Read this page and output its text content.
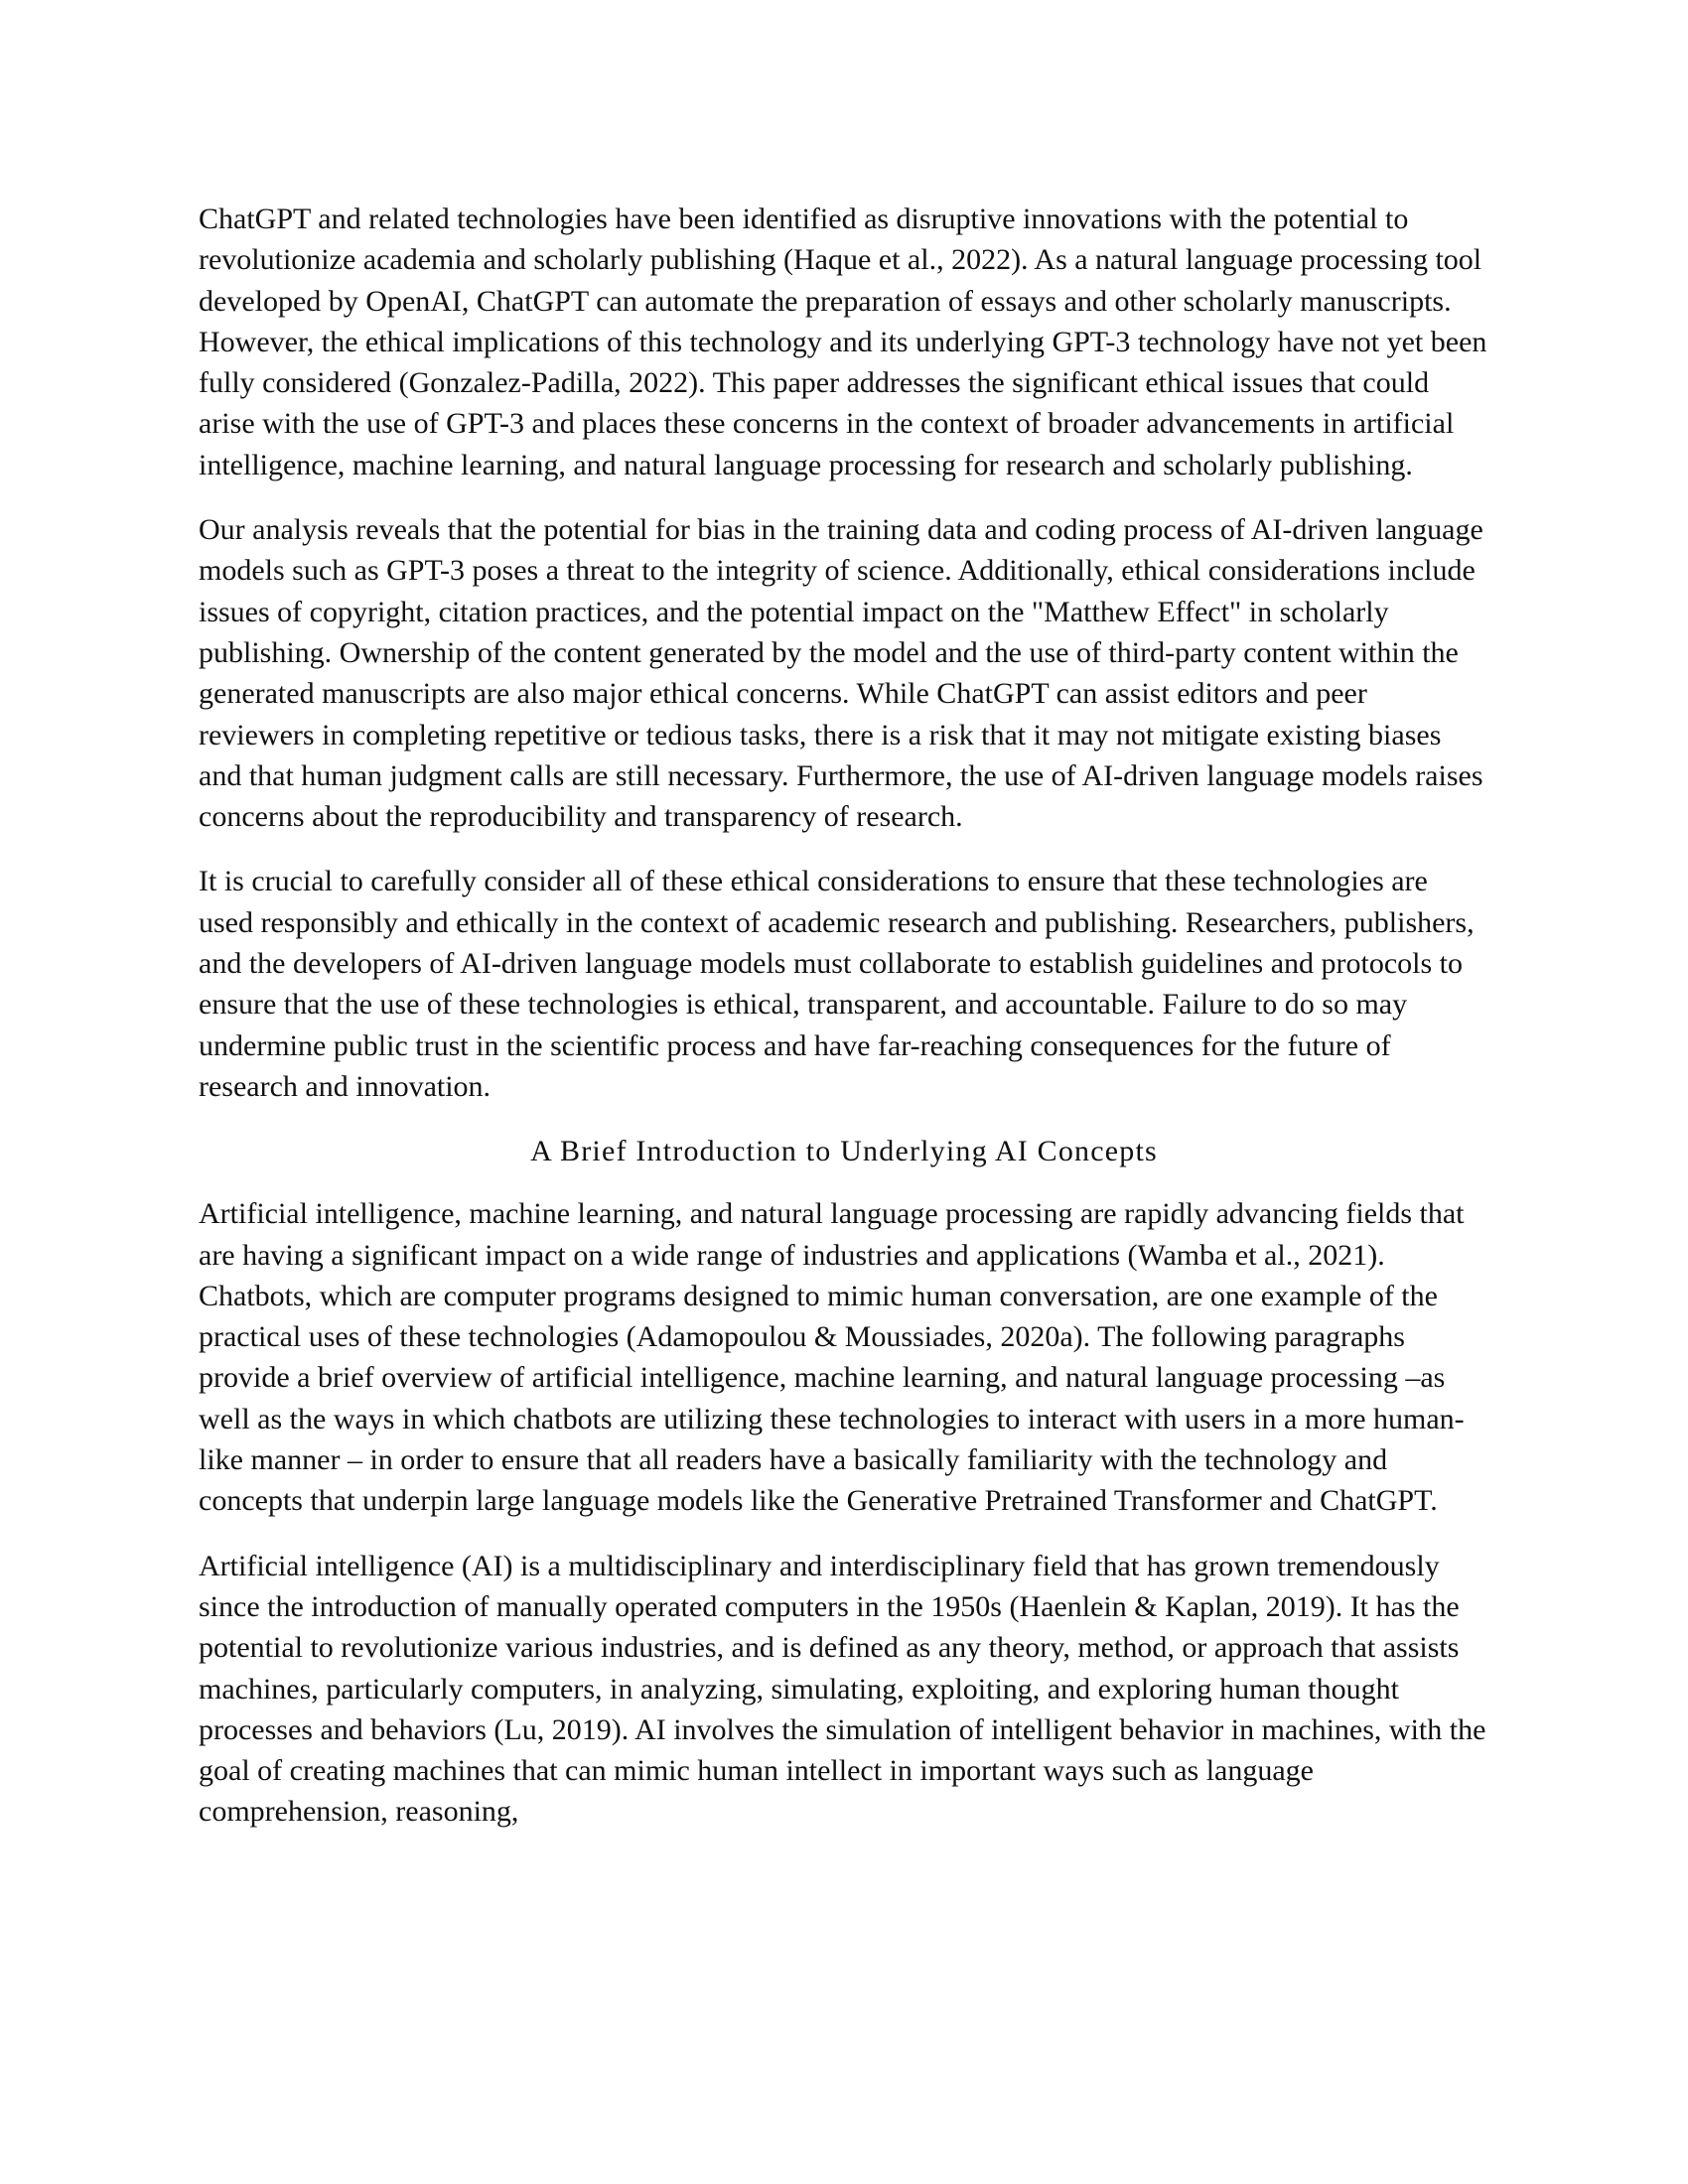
ChatGPT and related technologies have been identified as disruptive innovations with the potential to revolutionize academia and scholarly publishing (Haque et al., 2022). As a natural language processing tool developed by OpenAI, ChatGPT can automate the preparation of essays and other scholarly manuscripts. However, the ethical implications of this technology and its underlying GPT-3 technology have not yet been fully considered (Gonzalez-Padilla, 2022). This paper addresses the significant ethical issues that could arise with the use of GPT-3 and places these concerns in the context of broader advancements in artificial intelligence, machine learning, and natural language processing for research and scholarly publishing.

Our analysis reveals that the potential for bias in the training data and coding process of AI-driven language models such as GPT-3 poses a threat to the integrity of science. Additionally, ethical considerations include issues of copyright, citation practices, and the potential impact on the "Matthew Effect" in scholarly publishing. Ownership of the content generated by the model and the use of third-party content within the generated manuscripts are also major ethical concerns. While ChatGPT can assist editors and peer reviewers in completing repetitive or tedious tasks, there is a risk that it may not mitigate existing biases and that human judgment calls are still necessary. Furthermore, the use of AI-driven language models raises concerns about the reproducibility and transparency of research.

It is crucial to carefully consider all of these ethical considerations to ensure that these technologies are used responsibly and ethically in the context of academic research and publishing. Researchers, publishers, and the developers of AI-driven language models must collaborate to establish guidelines and protocols to ensure that the use of these technologies is ethical, transparent, and accountable. Failure to do so may undermine public trust in the scientific process and have far-reaching consequences for the future of research and innovation.

A Brief Introduction to Underlying AI Concepts

Artificial intelligence, machine learning, and natural language processing are rapidly advancing fields that are having a significant impact on a wide range of industries and applications (Wamba et al., 2021). Chatbots, which are computer programs designed to mimic human conversation, are one example of the practical uses of these technologies (Adamopoulou & Moussiades, 2020a). The following paragraphs provide a brief overview of artificial intelligence, machine learning, and natural language processing –as well as the ways in which chatbots are utilizing these technologies to interact with users in a more human-like manner – in order to ensure that all readers have a basically familiarity with the technology and concepts that underpin large language models like the Generative Pretrained Transformer and ChatGPT.

Artificial intelligence (AI) is a multidisciplinary and interdisciplinary field that has grown tremendously since the introduction of manually operated computers in the 1950s (Haenlein & Kaplan, 2019). It has the potential to revolutionize various industries, and is defined as any theory, method, or approach that assists machines, particularly computers, in analyzing, simulating, exploiting, and exploring human thought processes and behaviors (Lu, 2019). AI involves the simulation of intelligent behavior in machines, with the goal of creating machines that can mimic human intellect in important ways such as language comprehension, reasoning,
